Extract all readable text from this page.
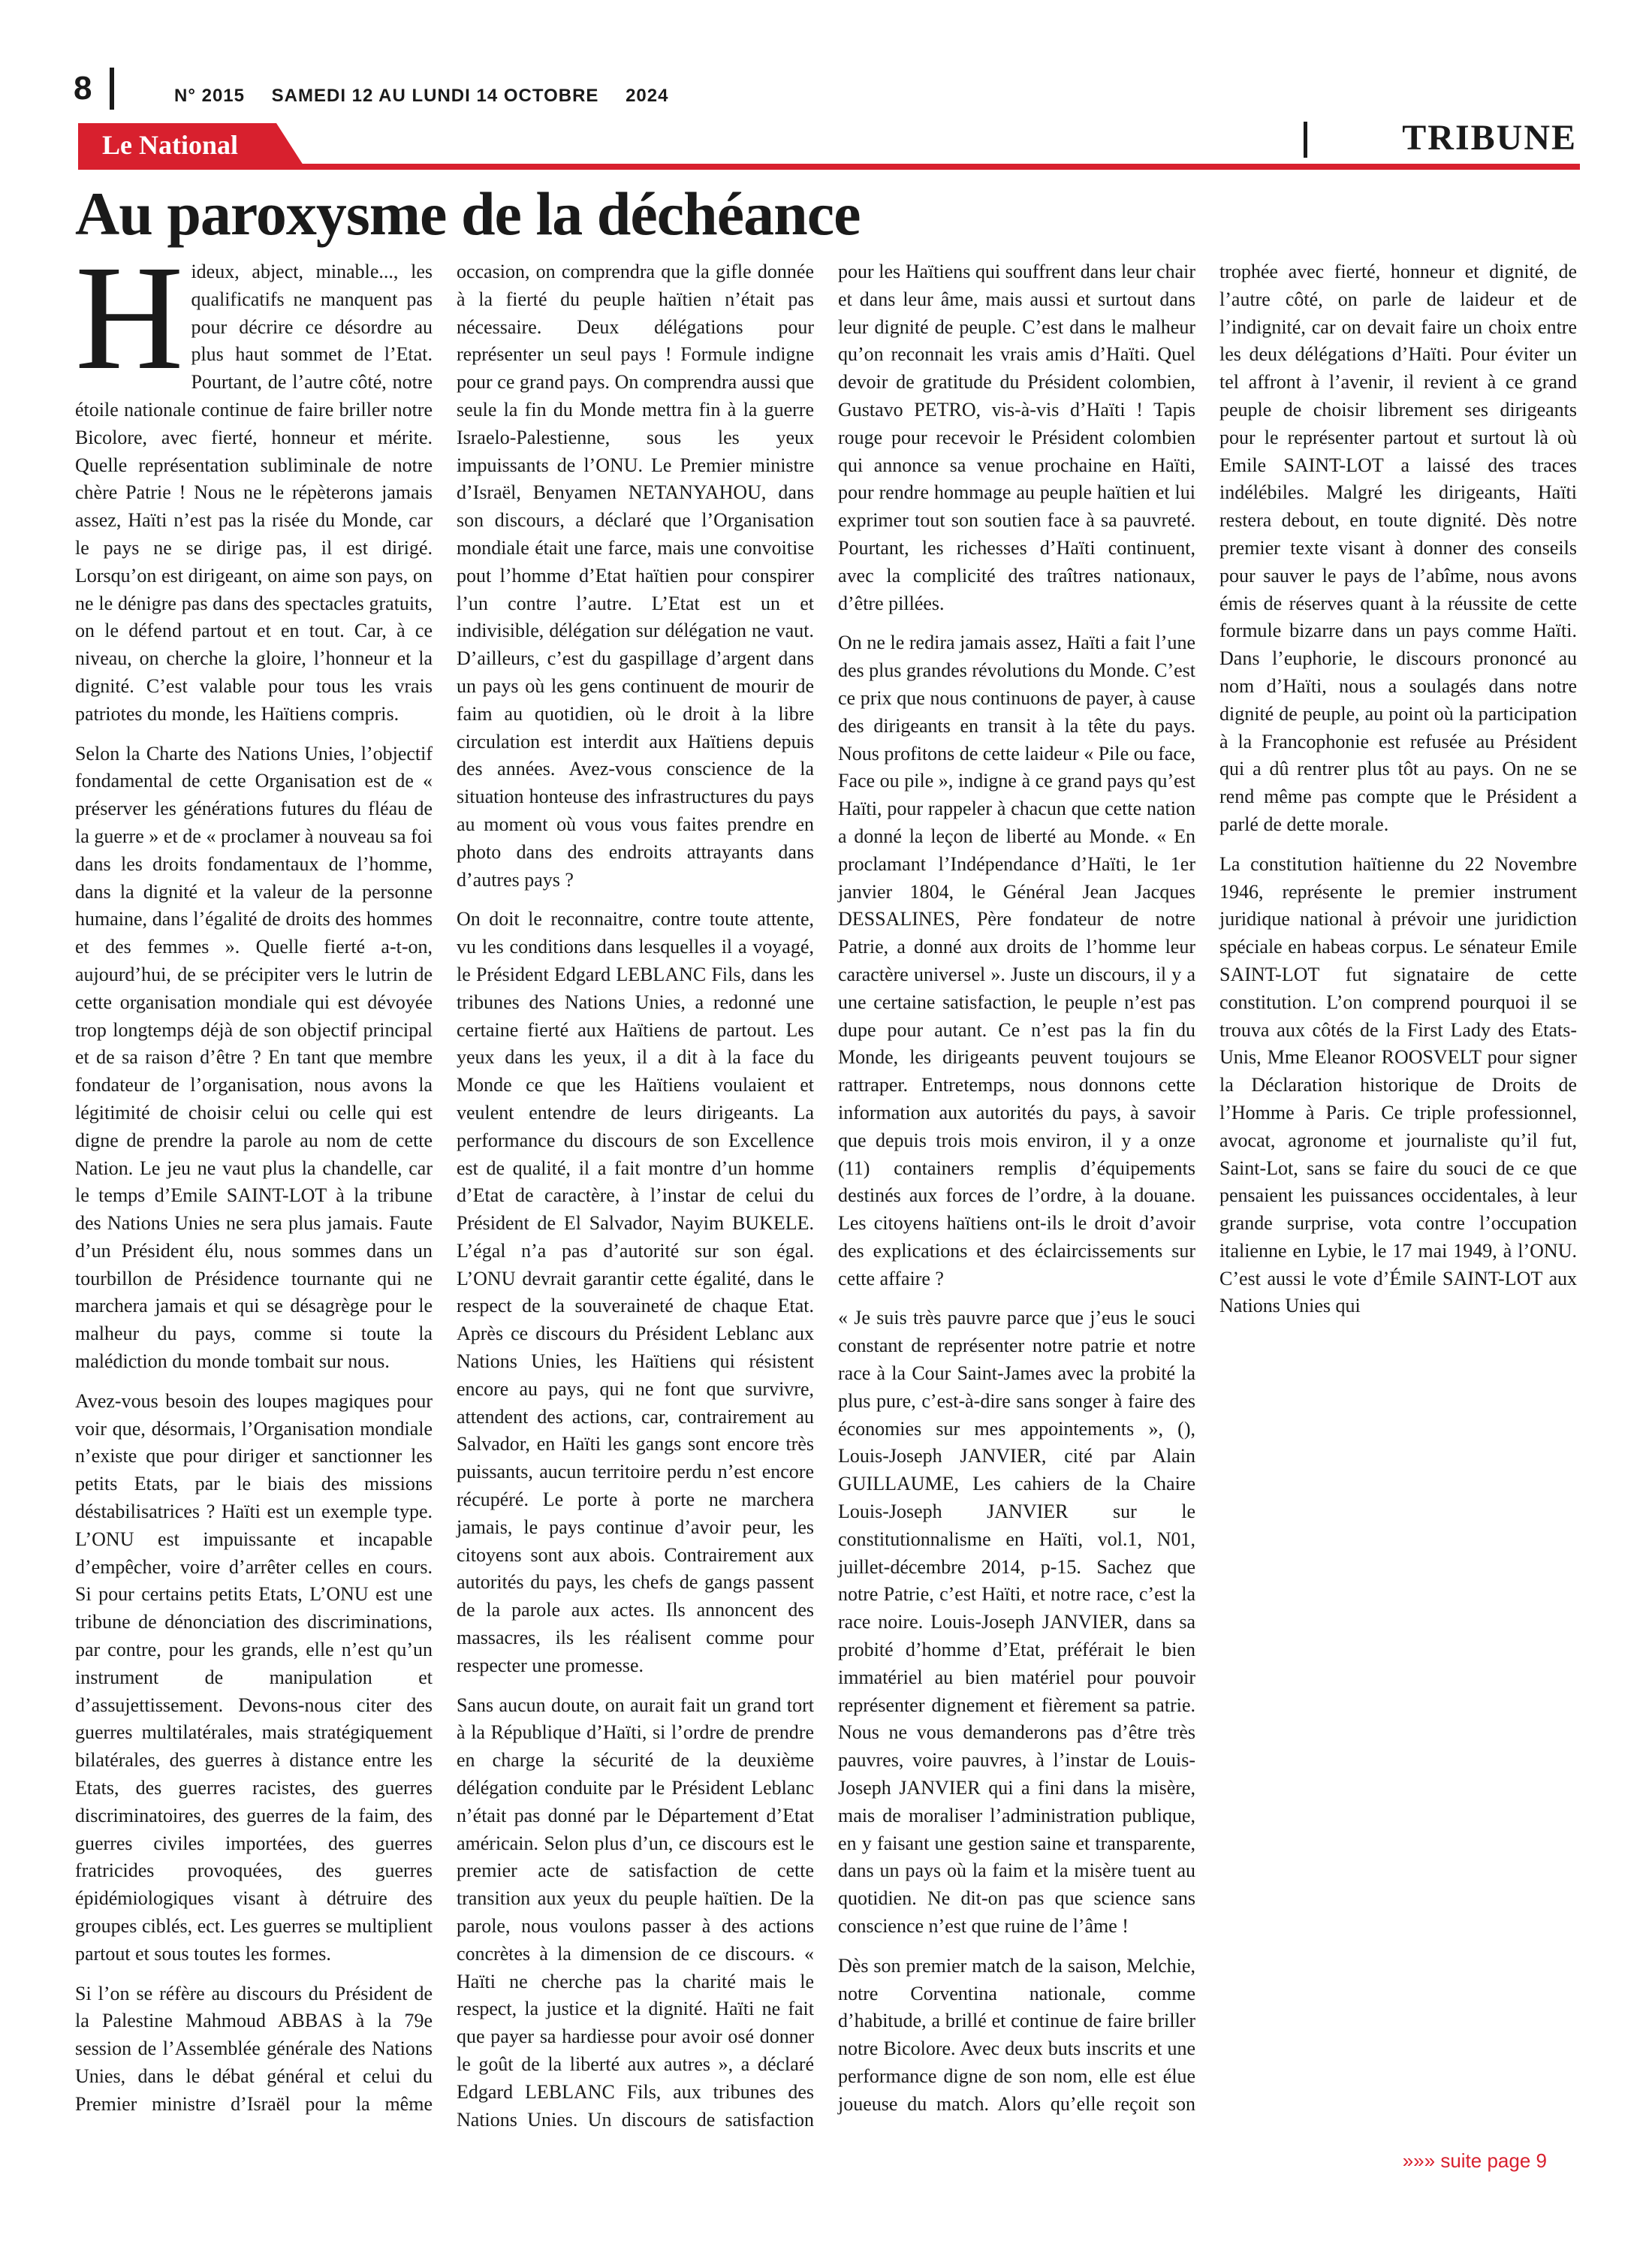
8	N° 2015 SAMEDI 12 AU LUNDI 14 OCTOBRE 2024
Le National	TRIBUNE
Au paroxysme de la déchéance

Hideux, abject, minable..., les qualificatifs ne manquent pas pour décrire ce désordre au plus haut sommet de l’Etat. Pourtant, de l’autre côté, notre étoile nationale continue de faire briller notre Bicolore, avec fierté, honneur et mérite. Quelle représentation subliminale de notre chère Patrie ! Nous ne le répèterons jamais assez, Haïti n’est pas la risée du Monde, car le pays ne se dirige pas, il est dirigé. Lorsqu’on est dirigeant, on aime son pays, on ne le dénigre pas dans des spectacles gratuits, on le défend partout et en tout. Car, à ce niveau, on cherche la gloire, l’honneur et la dignité. C’est valable pour tous les vrais patriotes du monde, les Haïtiens compris.

Selon la Charte des Nations Unies, l’objectif fondamental de cette Organisation est de « préserver les générations futures du fléau de la guerre » et de « proclamer à nouveau sa foi dans les droits fondamentaux de l’homme, dans la dignité et la valeur de la personne humaine, dans l’égalité de droits des hommes et des femmes ». Quelle fierté a-t-on, aujourd’hui, de se précipiter vers le lutrin de cette organisation mondiale qui est dévoyée trop longtemps déjà de son objectif principal et de sa raison d’être ? En tant que membre fondateur de l’organisation, nous avons la légitimité de choisir celui ou celle qui est digne de prendre la parole au nom de cette Nation. Le jeu ne vaut plus la chandelle, car le temps d’Emile SAINT-LOT à la tribune des Nations Unies ne sera plus jamais. Faute d’un Président élu, nous sommes dans un tourbillon de Présidence tournante qui ne marchera jamais et qui se désagrège pour le malheur du pays, comme si toute la malédiction du monde tombait sur nous.

Avez-vous besoin des loupes magiques pour voir que, désormais, l’Organisation mondiale n’existe que pour diriger et sanctionner les petits Etats, par le biais des missions déstabilisatrices ? Haïti est un exemple type. L’ONU est impuissante et incapable d’empêcher, voire d’arrêter celles en cours. Si pour certains petits Etats, L’ONU est une tribune de dénonciation des discriminations, par contre, pour les grands, elle n’est qu’un instrument de manipulation et d’assujettissement. Devons-nous citer des guerres multilatérales, mais stratégiquement bilatérales, des guerres à distance entre les Etats, des guerres racistes, des guerres discriminatoires, des guerres de la faim, des guerres civiles importées, des guerres fratricides provoquées, des guerres épidémiologiques visant à détruire des groupes ciblés, ect. Les guerres se multiplient partout et sous toutes les formes.

Si l’on se réfère au discours du Président de la Palestine Mahmoud ABBAS à la 79e session de l’Assemblée générale des Nations Unies, dans le débat général et celui du Premier ministre d’Israël pour la même occasion, on comprendra que la gifle donnée à la fierté du peuple haïtien n’était pas nécessaire. Deux délégations pour représenter un seul pays ! Formule indigne pour ce grand pays. On comprendra aussi que seule la fin du Monde mettra fin à la guerre Israelo-Palestienne, sous les yeux impuissants de l’ONU. Le Premier ministre d’Israël, Benyamen NETANYAHOU, dans son discours, a déclaré que l’Organisation mondiale était une farce, mais une convoitise pout l’homme d’Etat haïtien pour conspirer l’un contre l’autre. L’Etat est un et indivisible, délégation sur délégation ne vaut. D’ailleurs, c’est du gaspillage d’argent dans un pays où les gens continuent de mourir de faim au quotidien, où le droit à la libre circulation est interdit aux Haïtiens depuis des années. Avez-vous conscience de la situation honteuse des infrastructures du pays au moment où vous vous faites prendre en photo dans des endroits attrayants dans d’autres pays ?

On doit le reconnaitre, contre toute attente, vu les conditions dans lesquelles il a voyagé, le Président Edgard LEBLANC Fils, dans les tribunes des Nations Unies, a redonné une certaine fierté aux Haïtiens de partout. Les yeux dans les yeux, il a dit à la face du Monde ce que les Haïtiens voulaient et veulent entendre de leurs dirigeants. La performance du discours de son Excellence est de qualité, il a fait montre d’un homme d’Etat de caractère, à l’instar de celui du Président de El Salvador, Nayim BUKELE. L’égal n’a pas d’autorité sur son égal. L’ONU devrait garantir cette égalité, dans le respect de la souveraineté de chaque Etat. Après ce discours du Président Leblanc aux Nations Unies, les Haïtiens qui résistent encore au pays, qui ne font que survivre, attendent des actions, car, contrairement au Salvador, en Haïti les gangs sont encore très puissants, aucun territoire perdu n’est encore récupéré. Le porte à porte ne marchera jamais, le pays continue d’avoir peur, les citoyens sont aux abois. Contrairement aux autorités du pays, les chefs de gangs passent de la parole aux actes. Ils annoncent des massacres, ils les réalisent comme pour respecter une promesse.

Sans aucun doute, on aurait fait un grand tort à la République d’Haïti, si l’ordre de prendre en charge la sécurité de la deuxième délégation conduite par le Président Leblanc n’était pas donné par le Département d’Etat américain. Selon plus d’un, ce discours est le premier acte de satisfaction de cette transition aux yeux du peuple haïtien. De la parole, nous voulons passer à des actions concrètes à la dimension de ce discours. « Haïti ne cherche pas la charité mais le respect, la justice et la dignité. Haïti ne fait que payer sa hardiesse pour avoir osé donner le goût de la liberté aux autres », a déclaré Edgard LEBLANC Fils, aux tribunes des Nations Unies. Un discours de satisfaction pour les Haïtiens qui souffrent dans leur chair et dans leur âme, mais aussi et surtout dans leur dignité de peuple. C’est dans le malheur qu’on reconnait les vrais amis d’Haïti. Quel devoir de gratitude du Président colombien, Gustavo PETRO, vis-à-vis d’Haïti ! Tapis rouge pour recevoir le Président colombien qui annonce sa venue prochaine en Haïti, pour rendre hommage au peuple haïtien et lui exprimer tout son soutien face à sa pauvreté. Pourtant, les richesses d’Haïti continuent, avec la complicité des traîtres nationaux, d’être pillées.

On ne le redira jamais assez, Haïti a fait l’une des plus grandes révolutions du Monde. C’est ce prix que nous continuons de payer, à cause des dirigeants en transit à la tête du pays. Nous profitons de cette laideur « Pile ou face, Face ou pile », indigne à ce grand pays qu’est Haïti, pour rappeler à chacun que cette nation a donné la leçon de liberté au Monde. « En proclamant l’Indépendance d’Haïti, le 1er janvier 1804, le Général Jean Jacques DESSALINES, Père fondateur de notre Patrie, a donné aux droits de l’homme leur caractère universel ». Juste un discours, il y a une certaine satisfaction, le peuple n’est pas dupe pour autant. Ce n’est pas la fin du Monde, les dirigeants peuvent toujours se rattraper. Entretemps, nous donnons cette information aux autorités du pays, à savoir que depuis trois mois environ, il y a onze (11) containers remplis d’équipements destinés aux forces de l’ordre, à la douane. Les citoyens haïtiens ont-ils le droit d’avoir des explications et des éclaircissements sur cette affaire ?

« Je suis très pauvre parce que j’eus le souci constant de représenter notre patrie et notre race à la Cour Saint-James avec la probité la plus pure, c’est-à-dire sans songer à faire des économies sur mes appointements », (), Louis-Joseph JANVIER, cité par Alain GUILLAUME, Les cahiers de la Chaire Louis-Joseph JANVIER sur le constitutionnalisme en Haïti, vol.1, N01, juillet-décembre 2014, p-15. Sachez que notre Patrie, c’est Haïti, et notre race, c’est la race noire. Louis-Joseph JANVIER, dans sa probité d’homme d’Etat, préférait le bien immatériel au bien matériel pour pouvoir représenter dignement et fièrement sa patrie. Nous ne vous demanderons pas d’être très pauvres, voire pauvres, à l’instar de Louis-Joseph JANVIER qui a fini dans la misère, mais de moraliser l’administration publique, en y faisant une gestion saine et transparente, dans un pays où la faim et la misère tuent au quotidien. Ne dit-on pas que science sans conscience n’est que ruine de l’âme !

Dès son premier match de la saison, Melchie, notre Corventina nationale, comme d’habitude, a brillé et continue de faire briller notre Bicolore. Avec deux buts inscrits et une performance digne de son nom, elle est élue joueuse du match. Alors qu’elle reçoit son trophée avec fierté, honneur et dignité, de l’autre côté, on parle de laideur et de l’indignité, car on devait faire un choix entre les deux délégations d’Haïti. Pour éviter un tel affront à l’avenir, il revient à ce grand peuple de choisir librement ses dirigeants pour le représenter partout et surtout là où Emile SAINT-LOT a laissé des traces indélébiles. Malgré les dirigeants, Haïti restera debout, en toute dignité. Dès notre premier texte visant à donner des conseils pour sauver le pays de l’abîme, nous avons émis de réserves quant à la réussite de cette formule bizarre dans un pays comme Haïti. Dans l’euphorie, le discours prononcé au nom d’Haïti, nous a soulagés dans notre dignité de peuple, au point où la participation à la Francophonie est refusée au Président qui a dû rentrer plus tôt au pays. On ne se rend même pas compte que le Président a parlé de dette morale.

La constitution haïtienne du 22 Novembre 1946, représente le premier instrument juridique national à prévoir une juridiction spéciale en habeas corpus. Le sénateur Emile SAINT-LOT fut signataire de cette constitution. L’on comprend pourquoi il se trouva aux côtés de la First Lady des Etats-Unis, Mme Eleanor ROOSVELT pour signer la Déclaration historique de Droits de l’Homme à Paris. Ce triple professionnel, avocat, agronome et journaliste qu’il fut, Saint-Lot, sans se faire du souci de ce que pensaient les puissances occidentales, à leur grande surprise, vota contre l’occupation italienne en Lybie, le 17 mai 1949, à l’ONU. C’est aussi le vote d’Émile SAINT-LOT aux Nations Unies qui

»»» suite page 9
